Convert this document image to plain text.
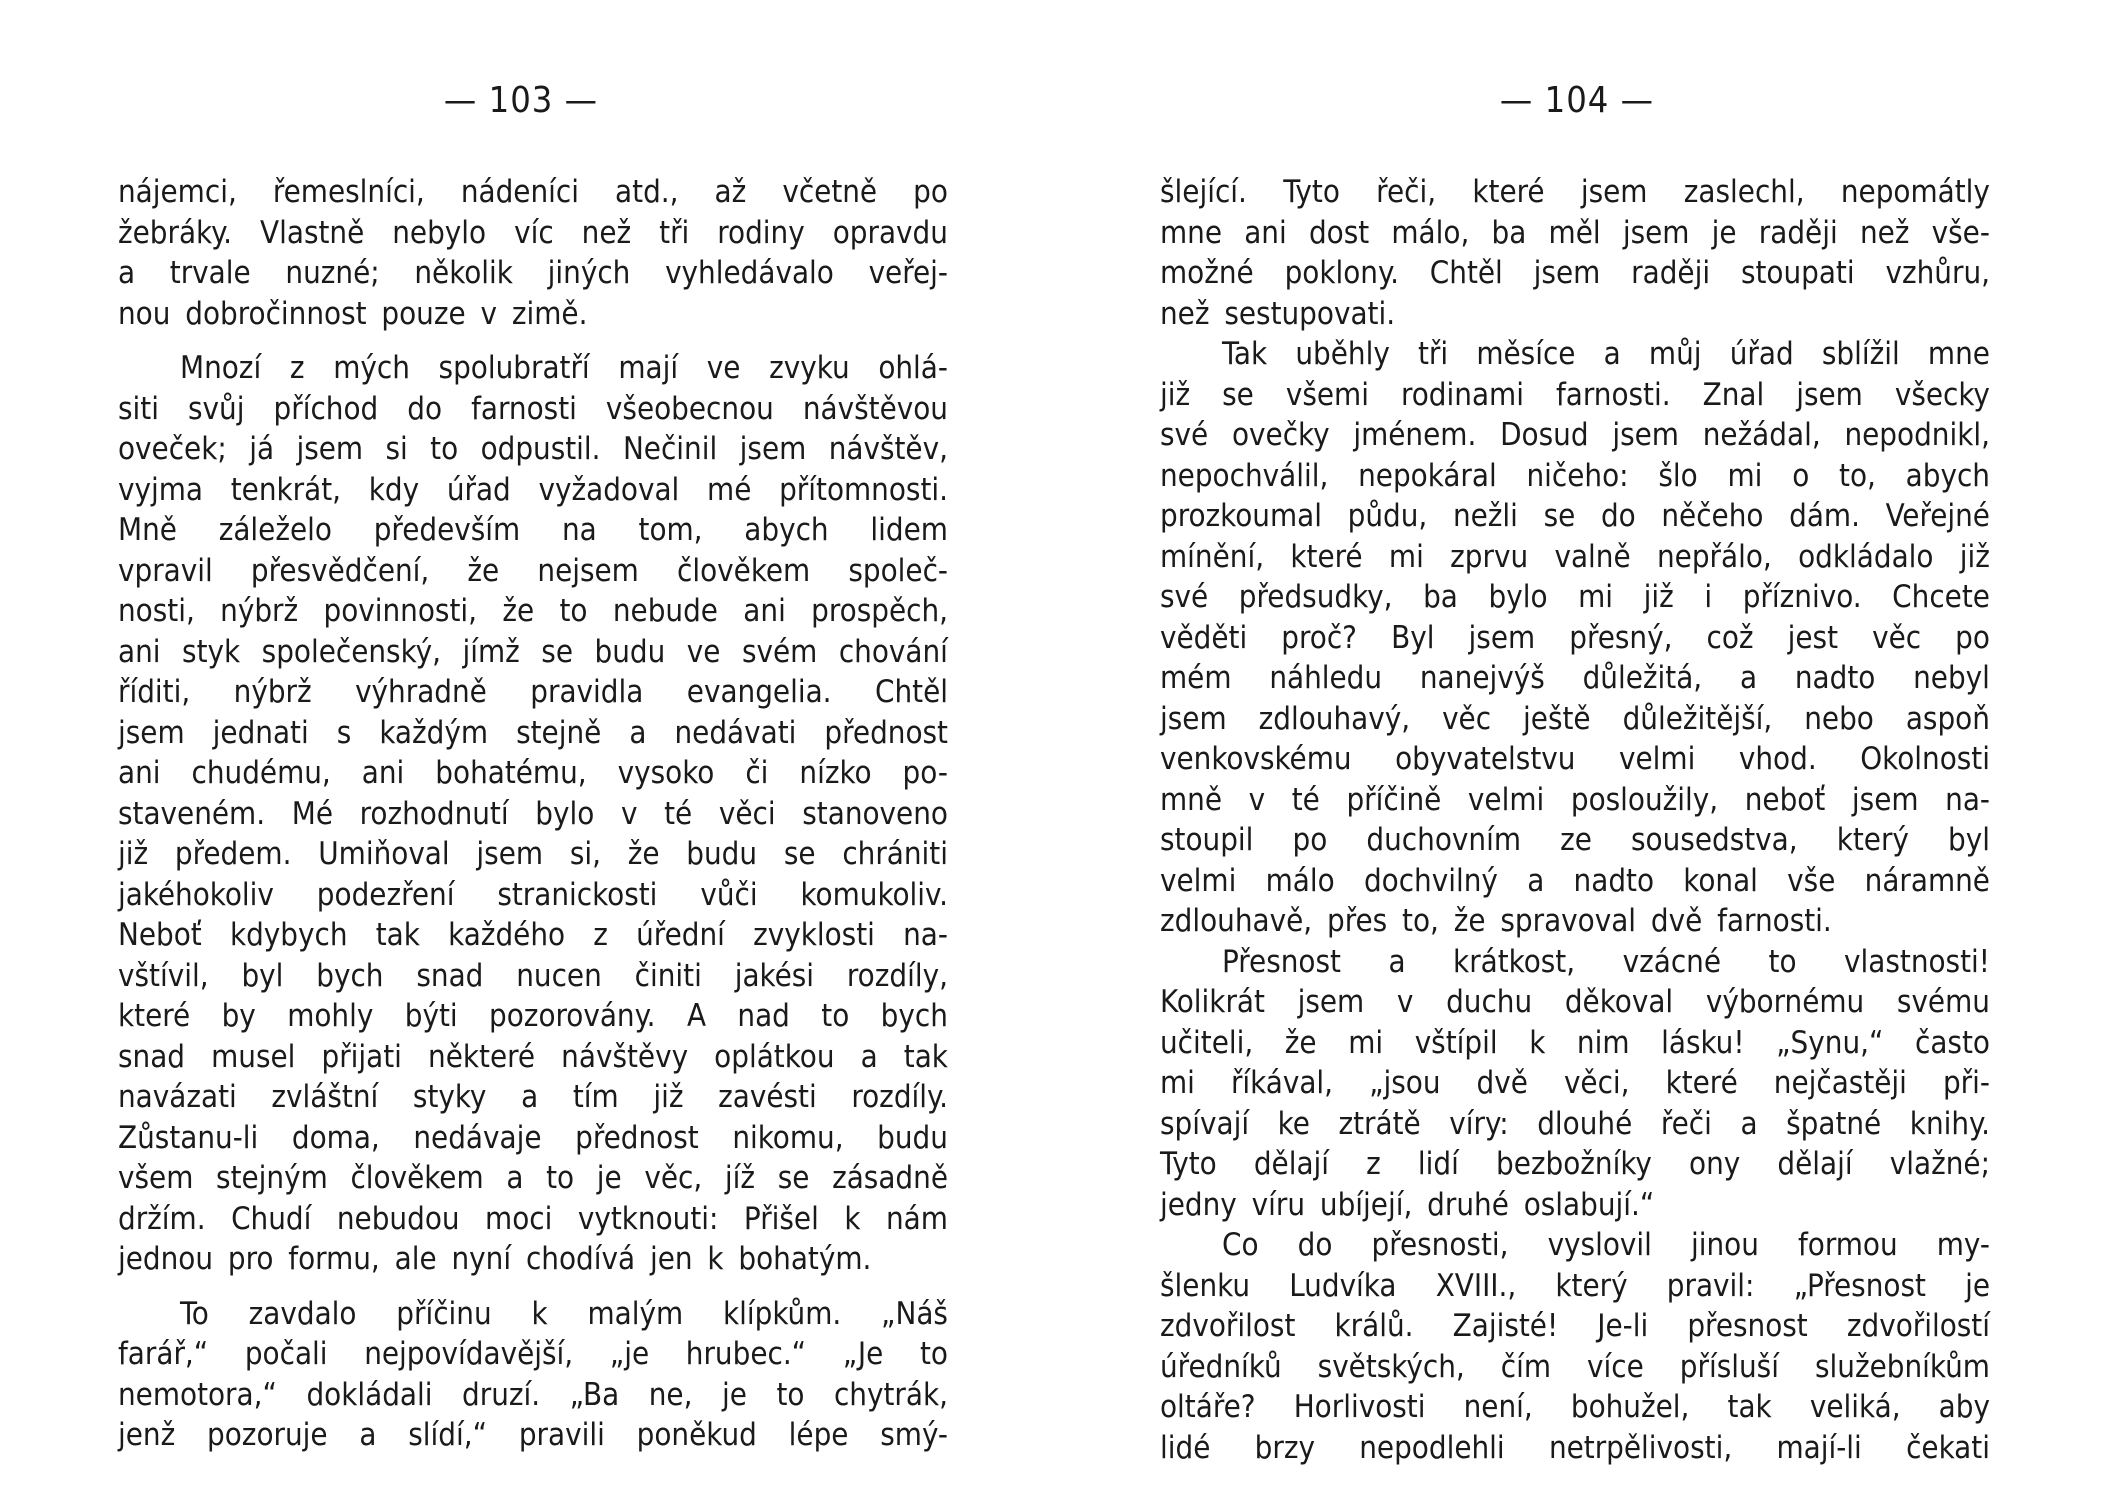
— 103 —
nájemci, řemeslníci, nádeníci atd., až včetně po
žebráky. Vlastně nebylo víc než tři rodiny opravdu
a trvale nuzné; několik jiných vyhledávalo veřej-
nou dobročinnost pouze v zimě.
Mnozí z mých spolubratří mají ve zvyku ohlá-
siti svůj příchod do farnosti všeobecnou návštěvou
oveček; já jsem si to odpustil. Nečinil jsem návštěv,
vyjma tenkrát, kdy úřad vyžadoval mé přítomnosti.
Mně záleželo především na tom, abych lidem
vpravil přesvědčení, že nejsem člověkem společ-
nosti, nýbrž povinnosti, že to nebude ani prospěch,
ani styk společenský, jímž se budu ve svém chování
říditi, nýbrž výhradně pravidla evangelia. Chtěl
jsem jednati s každým stejně a nedávati přednost
ani chudému, ani bohatému, vysoko či nízko po-
staveném. Mé rozhodnutí bylo v té věci stanoveno
již předem. Umiňoval jsem si, že budu se chrániti
jakéhokoliv podezření stranickosti vůči komukoliv.
Neboť kdybych tak každého z úřední zvyklosti na-
vštívil, byl bych snad nucen činiti jakési rozdíly,
které by mohly býti pozorovány. A nad to bych
snad musel přijati některé návštěvy oplátkou a tak
navázati zvláštní styky a tím již zavésti rozdíly.
Zůstanu-li doma, nedávaje přednost nikomu, budu
všem stejným člověkem a to je věc, jíž se zásadně
držím. Chudí nebudou moci vytknouti: Přišel k nám
jednou pro formu, ale nyní chodívá jen k bohatým.
To zavdalo příčinu k malým klípkům. „Náš
farář,“ počali nejpovídavější, „je hrubec.“ „Je to
nemotora,“ dokládali druzí. „Ba ne, je to chytrák,
jenž pozoruje a slídí,“ pravili poněkud lépe smý-
— 104 —
šlející. Tyto řeči, které jsem zaslechl, nepomátly
mne ani dost málo, ba měl jsem je raději než vše-
možné poklony. Chtěl jsem raději stoupati vzhůru,
než sestupovati.
Tak uběhly tři měsíce a můj úřad sblížil mne
již se všemi rodinami farnosti. Znal jsem všecky
své ovečky jménem. Dosud jsem nežádal, nepodnikl,
nepochválil, nepokáral ničeho: šlo mi o to, abych
prozkoumal půdu, nežli se do něčeho dám. Veřejné
mínění, které mi zprvu valně nepřálo, odkládalo již
své předsudky, ba bylo mi již i příznivo. Chcete
věděti proč? Byl jsem přesný, což jest věc po
mém náhledu nanejvýš důležitá, a nadto nebyl
jsem zdlouhavý, věc ještě důležitější, nebo aspoň
venkovskému obyvatelstvu velmi vhod. Okolnosti
mně v té příčině velmi posloužily, neboť jsem na-
stoupil po duchovním ze sousedstva, který byl
velmi málo dochvilný a nadto konal vše náramně
zdlouhavě, přes to, že spravoval dvě farnosti.
Přesnost a krátkost, vzácné to vlastnosti!
Kolikrát jsem v duchu děkoval výbornému svému
učiteli, že mi vštípil k nim lásku! „Synu,“ často
mi říkával, „jsou dvě věci, které nejčastěji při-
spívají ke ztrátě víry: dlouhé řeči a špatné knihy.
Tyto dělají z lidí bezbožníky ony dělají vlažné;
jedny víru ubíjejí, druhé oslabují.“
Co do přesnosti, vyslovil jinou formou my-
šlenku Ludvíka XVIII., který pravil: „Přesnost je
zdvořilost králů. Zajisté! Je-li přesnost zdvořilostí
úředníků světských, čím více přísluší služebníkům
oltáře? Horlivosti není, bohužel, tak veliká, aby
lidé brzy nepodlehli netrpělivosti, mají-li čekati
